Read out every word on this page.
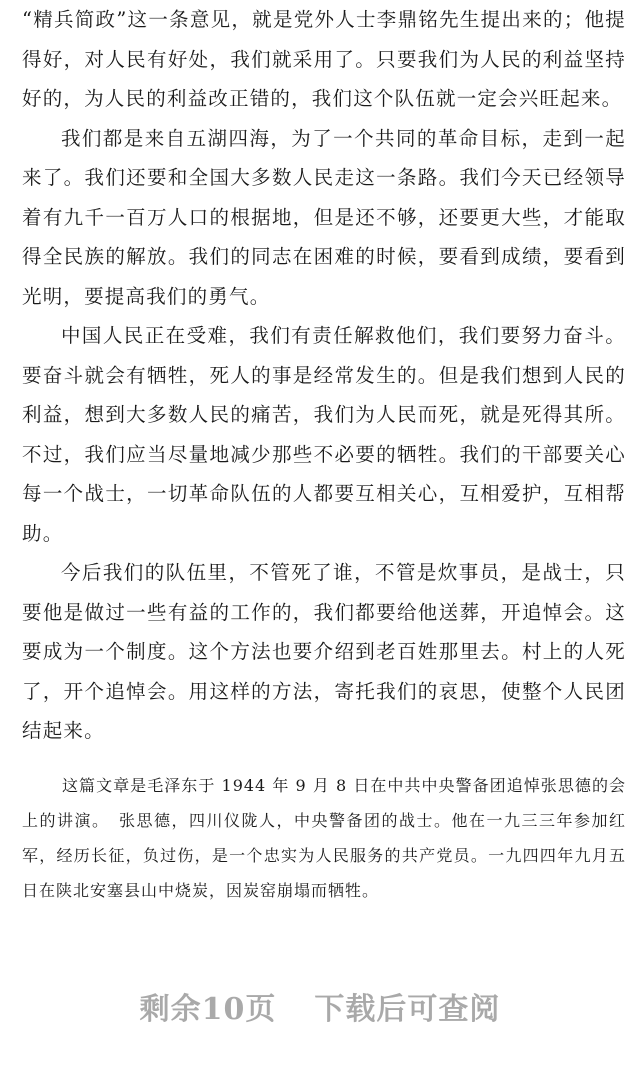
“精兵简政”这一条意见，就是党外人士李鼎铭先生提出来的；他提得好，对人民有好处，我们就采用了。只要我们为人民的利益坚持好的，为人民的利益改正错的，我们这个队伍就一定会兴旺起来。

我们都是来自五湖四海，为了一个共同的革命目标，走到一起来了。我们还要和全国大多数人民走这一条路。我们今天已经领导着有九千一百万人口的根据地，但是还不够，还要更大些，才能取得全民族的解放。我们的同志在困难的时候，要看到成绩，要看到光明，要提高我们的勇气。

中国人民正在受难，我们有责任解救他们，我们要努力奋斗。要奋斗就会有牺牲，死人的事是经常发生的。但是我们想到人民的利益，想到大多数人民的痛苦，我们为人民而死，就是死得其所。不过，我们应当尽量地减少那些不必要的牺牲。我们的干部要关心每一个战士，一切革命队伍的人都要互相关心，互相爱护，互相帮助。

今后我们的队伍里，不管死了谁，不管是炊事员，是战士，只要他是做过一些有益的工作的，我们都要给他送葬，开追悼会。这要成为一个制度。这个方法也要介绍到老百姓那里去。村上的人死了，开个追悼会。用这样的方法，寄托我们的哀思，使整个人民团结起来。

这篇文章是毛泽东于 1944 年 9 月 8 日在中共中央警备团追悼张思德的会上的讲演。　张思德，四川仪陇人，中央警备团的战士。他在一九三三年参加红军，经历长征，负过伤，是一个忠实为人民服务的共产党员。一九四四年九月五日在陕北安塞县山中烧炭，因炭窑崩塌而牺牲。

剩余10页 下载后可查阅
